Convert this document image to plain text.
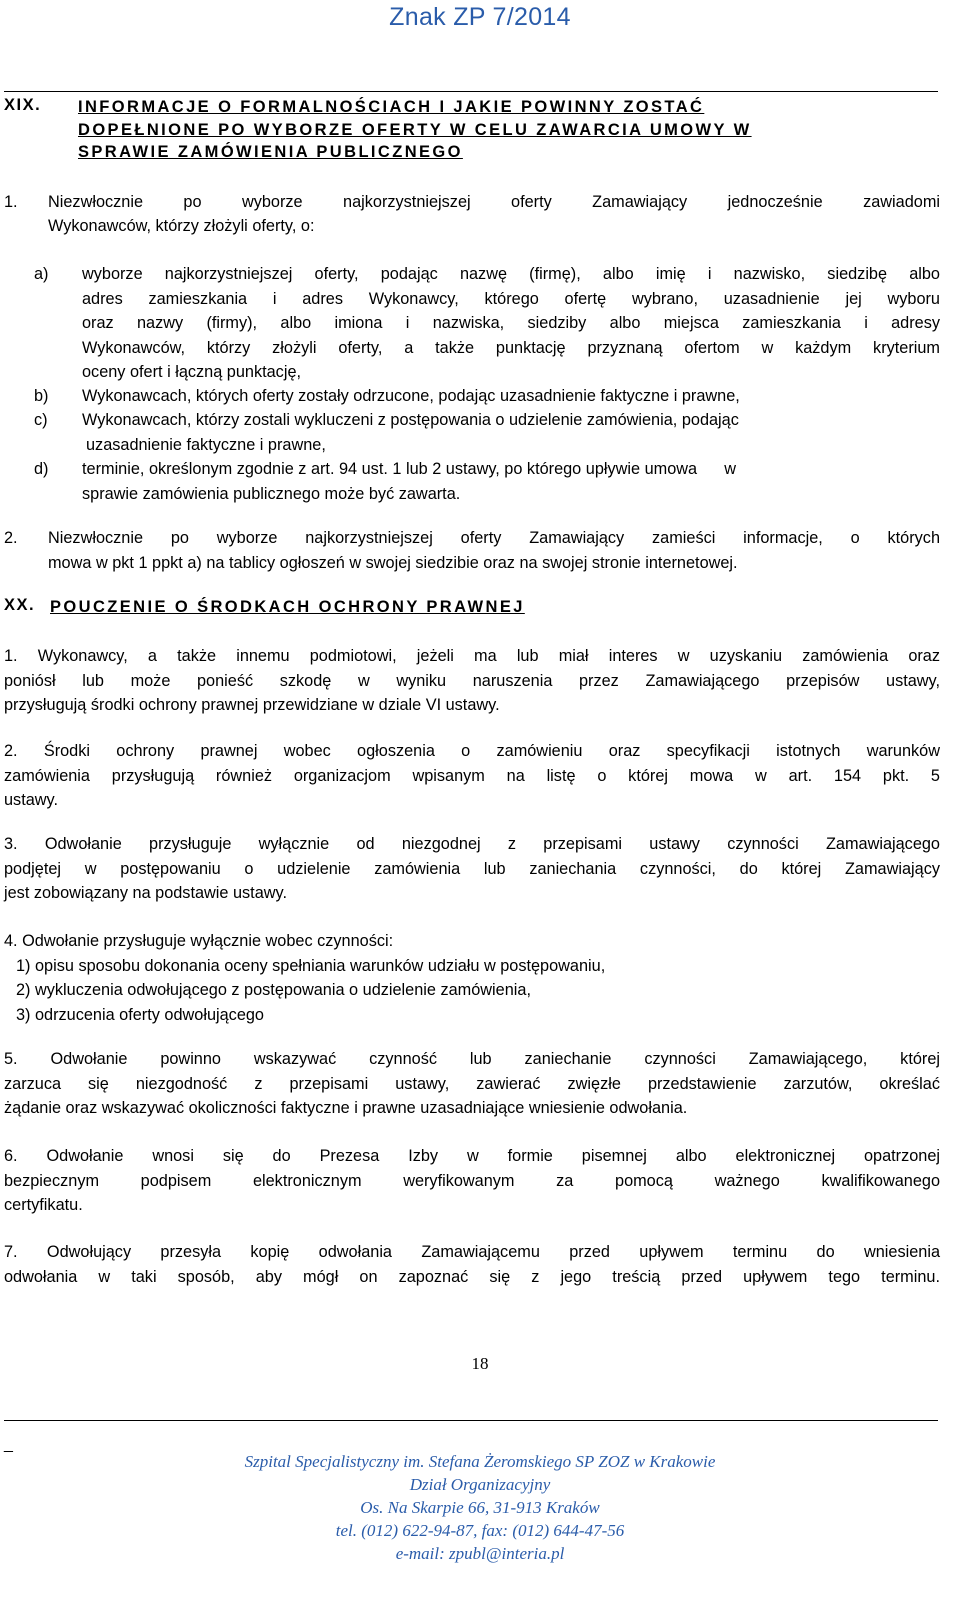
Znak ZP 7/2014
XIX. INFORMACJE O FORMALNOŚCIACH I JAKIE POWINNY ZOSTAĆ
DOPEŁNIONE PO WYBORZE OFERTY W CELU ZAWARCIA UMOWY W
SPRAWIE ZAMÓWIENIA PUBLICZNEGO
1. Niezwłocznie po wyborze najkorzystniejszej oferty Zamawiający jednocześnie zawiadomi
Wykonawców, którzy złożyli oferty, o:
a) wyborze najkorzystniejszej oferty, podając nazwę (firmę), albo imię i nazwisko, siedzibę albo
adres zamieszkania i adres Wykonawcy, którego ofertę wybrano, uzasadnienie jej wyboru
oraz nazwy (firmy), albo imiona i nazwiska, siedziby albo miejsca zamieszkania i adresy
Wykonawców, którzy złożyli oferty, a także punktację przyznaną ofertom w każdym kryterium
oceny ofert i łączną punktację,
b) Wykonawcach, których oferty zostały odrzucone, podając uzasadnienie faktyczne i prawne,
c) Wykonawcach, którzy zostali wykluczeni z postępowania o udzielenie zamówienia, podając
uzasadnienie faktyczne i prawne,
d) terminie, określonym zgodnie z art. 94 ust. 1 lub 2 ustawy, po którego upływie umowa      w
sprawie zamówienia publicznego może być zawarta.
2. Niezwłocznie po wyborze najkorzystniejszej oferty Zamawiający zamieści informacje, o których
mowa w pkt 1 ppkt a) na tablicy ogłoszeń w swojej siedzibie oraz na swojej stronie internetowej.
XX. POUCZENIE O ŚRODKACH OCHRONY PRAWNEJ
1. Wykonawcy, a także innemu podmiotowi, jeżeli ma lub miał interes w uzyskaniu zamówienia oraz
poniósł lub może ponieść szkodę w wyniku naruszenia przez Zamawiającego przepisów ustawy,
przysługują środki ochrony prawnej przewidziane w dziale VI ustawy.
2. Środki ochrony prawnej wobec ogłoszenia o zamówieniu oraz specyfikacji istotnych warunków
zamówienia przysługują również organizacjom wpisanym na listę o której mowa w art. 154 pkt. 5
ustawy.
3. Odwołanie przysługuje wyłącznie od niezgodnej z przepisami ustawy czynności Zamawiającego
podjętej w postępowaniu o udzielenie zamówienia lub zaniechania czynności, do której Zamawiający
jest zobowiązany na podstawie ustawy.
4. Odwołanie przysługuje wyłącznie wobec czynności:
1) opisu sposobu dokonania oceny spełniania warunków udziału w postępowaniu,
2) wykluczenia odwołującego z postępowania o udzielenie zamówienia,
3) odrzucenia oferty odwołującego
5. Odwołanie powinno wskazywać czynność lub zaniechanie czynności Zamawiającego, której
zarzuca się niezgodność z przepisami ustawy, zawierać zwięzłe przedstawienie zarzutów, określać
żądanie oraz wskazywać okoliczności faktyczne i prawne uzasadniające wniesienie odwołania.
6. Odwołanie wnosi się do Prezesa Izby w formie pisemnej albo elektronicznej opatrzonej
bezpiecznym podpisem elektronicznym weryfikowanym za pomocą ważnego kwalifikowanego
certyfikatu.
7. Odwołujący przesyła kopię odwołania Zamawiającemu przed upływem terminu do wniesienia
odwołania w taki sposób, aby mógł on zapoznać się z jego treścią przed upływem tego terminu.
18
_
Szpital Specjalistyczny im. Stefana Żeromskiego SP ZOZ w Krakowie
Dział Organizacyjny
Os. Na Skarpie 66, 31-913 Kraków
tel. (012) 622-94-87, fax: (012) 644-47-56
e-mail: zpubl@interia.pl
